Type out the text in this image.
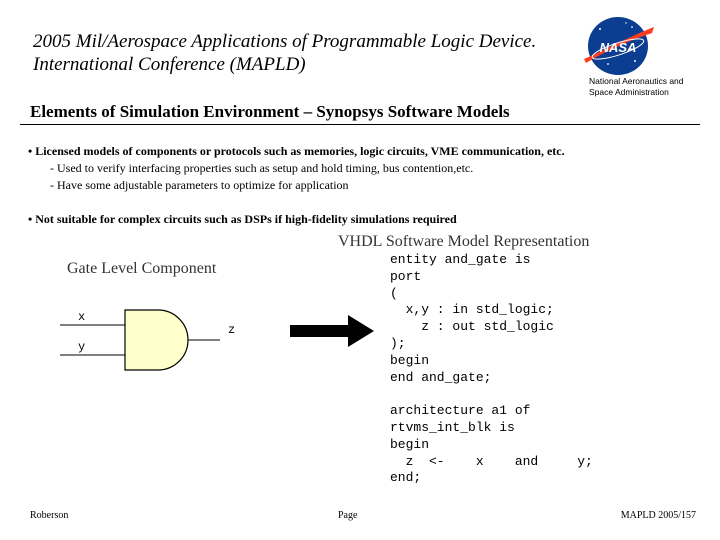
2005 Mil/Aerospace Applications of Programmable Logic Device.
International Conference (MAPLD)
NASA
National Aeronautics and
Space Administration
Elements of Simulation Environment – Synopsys Software Models
• Licensed models of components or protocols such as memories, logic circuits, VME communication, etc.
- Used to verify interfacing properties such as setup and hold timing, bus contention,etc.
- Have some adjustable parameters to optimize for application
• Not suitable for complex circuits such as DSPs if high-fidelity simulations required
Gate Level Component
VHDL Software Model Representation
x
y
z
entity and_gate is
port
(
x,y : in std_logic;
z : out std_logic
);
begin
end and_gate;

architecture a1 of
rtvms_int_blk is
begin
z  <-    x    and     y;
end;
Roberson	Page	MAPLD 2005/157
